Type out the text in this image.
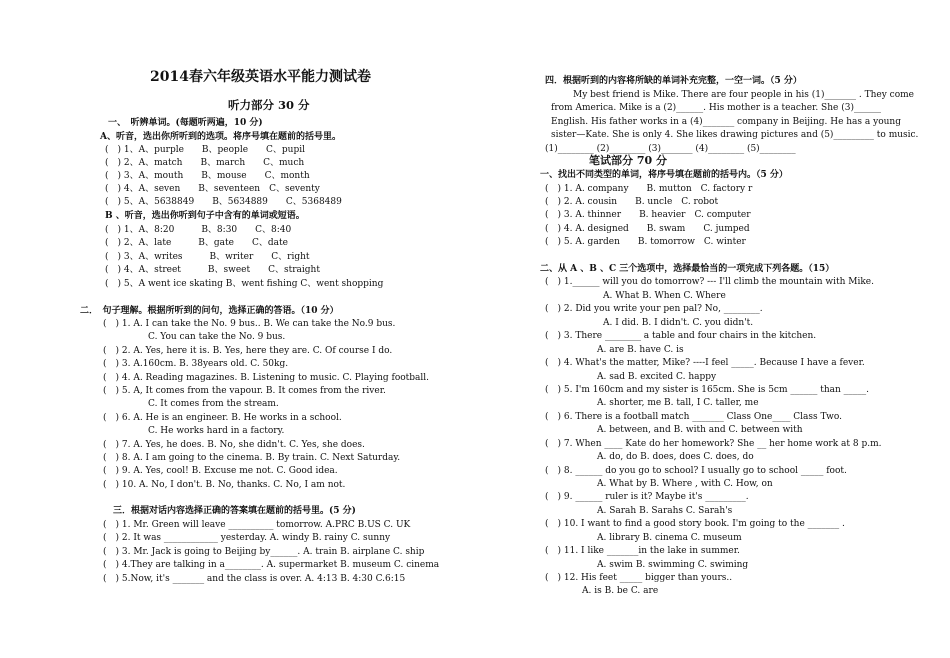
2014春六年级英语水平能力测试卷
听力部分 30 分
一、　听辨单词。(每题听两遍，10 分)
A、听音，选出你所听到的选项。将序号填在题前的括号里。
(　) 1、A、purple　　B、people　　C、pupil
(　) 2、A、match　　B、march　　C、much
(　) 3、A、mouth　　B、mouse　　C、month
(　) 4、A、seven　　B、seventeen　C、seventy
(　) 5、A、5638849　　B、5634889　　C、5368489
B 、听音，选出你听到句子中含有的单词或短语。
(　) 1、A、8:20　　　B、8:30　　C、8:40
(　) 2、A、late　　　B、gate　　C、date
(　) 3、A、writes　　　B、writer　　C、right
(　) 4、A、street　　　B、sweet　　C、straight
(　) 5、A went ice skating B、went fishing C、went shopping
二．　句子理解。根据所听到的问句，选择正确的答语。（10 分）
(　) 1. A. I can take the No. 9 bus.. B. We can take the No.9 bus.
C. You can take the No. 9 bus.
(　) 2. A. Yes, here it is. B. Yes, here they are. C. Of course I do.
(　) 3. A.160cm. B. 38years old. C. 50kg.
(　) 4. A. Reading magazines. B. Listening to music. C. Playing football.
(　) 5. A, It comes from the vapour. B. It comes from the river.
C. It comes from the stream.
(　) 6. A. He is an engineer. B. He works in a school.
C. He works hard in a factory.
(　) 7. A. Yes, he does. B. No, she didn't. C. Yes, she does.
(　) 8. A. I am going to the cinema. B. By train. C. Next Saturday.
(　) 9. A. Yes, cool! B. Excuse me not. C. Good idea.
(　) 10. A. No, I don't. B. No, thanks. C. No, I am not.
三．根据对话内容选择正确的答案填在题前的括号里。(5 分)
(　) 1. Mr. Green will leave __________ tomorrow. A.PRC B.US C. UK
(　) 2. It was ____________ yesterday. A. windy B. rainy C. sunny
(　) 3. Mr. Jack is going to Beijing by______. A. train B. airplane C. ship
(　) 4.They are talking in a________. A. supermarket B. museum C. cinema
(　) 5.Now, it's _______ and the class is over. A. 4:13 B. 4:30 C.6:15
四．根据听到的内容将所缺的单词补充完整，一空一词。（5 分）
My best friend is Mike. There are four people in his (1)_______ . They come
from America. Mike is a (2)______. His mother is a teacher. She (3)______
English. His father works in a (4)_______ company in Beijing. He has a young
sister—Kate. She is only 4. She likes drawing pictures and (5)_________ to music.
(1)________ (2)________ (3)_______ (4)________ (5)________
笔试部分 70 分
一、找出不同类型的单词，将序号填在题前的括号内。（5 分）
(　) 1. A. company　　B. mutton　C. factory r
(　) 2. A. cousin　　B. uncle　C. robot
(　) 3. A. thinner　　B. heavier　C. computer
(　) 4. A. designed　　B. swam　　C. jumped
(　) 5. A. garden　　B. tomorrow　C. winter
二、从 A 、B 、C 三个选项中，选择最恰当的一项完成下列各题。（15）
(　) 1.______ will you do tomorrow? --- I'll climb the mountain with Mike.
A. What B. When C. Where
(　) 2. Did you write your pen pal? No, ________.
A. I did. B. I didn't. C. you didn't.
(　) 3. There ________ a table and four chairs in the kitchen.
A. are B. have C. is
(　) 4. What's the matter, Mike? ----I feel _____. Because I have a fever.
A. sad B. excited C. happy
(　) 5. I'm 160cm and my sister is 165cm. She is 5cm ______ than _____.
A. shorter, me B. tall, I C. taller, me
(　) 6. There is a football match _______ Class One____ Class Two.
A. between, and B. with and C. between with
(　) 7. When ____ Kate do her homework? She __ her home work at 8 p.m.
A. do, do B. does, does C. does, do
(　) 8. ______ do you go to school? I usually go to school _____ foot.
A. What by B. Where , with C. How, on
(　) 9. ______ ruler is it? Maybe it's _________.
A. Sarah B. Sarahs C. Sarah's
(　) 10. I want to find a good story book. I'm going to the _______ .
A. library B. cinema C. museum
(　) 11. I like _______in the lake in summer.
A. swim B. swimming C. swiming
(　) 12. His feet _____ bigger than yours..
A. is B. be C. are
